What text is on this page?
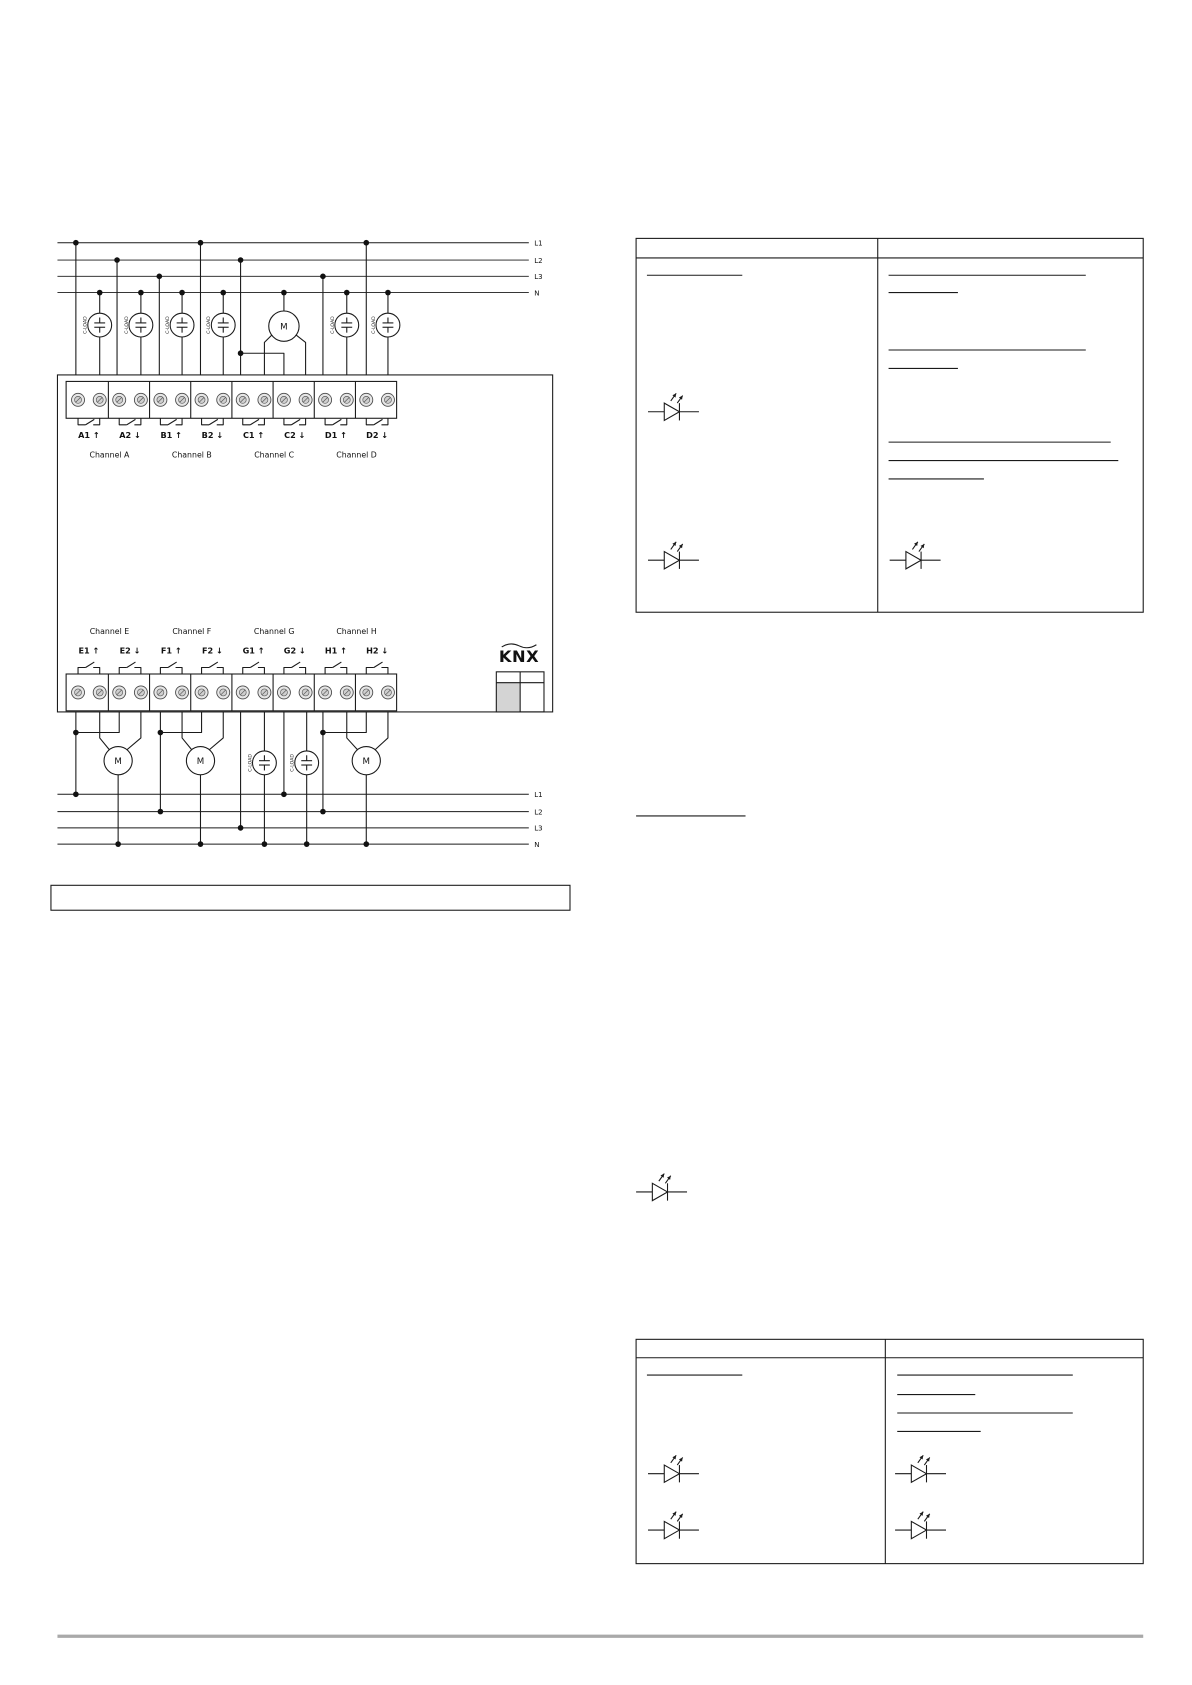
L1
L2
L3
N
L1
L2
L3
N
C-LOAD	C-LOAD	C-LOAD	C-LOAD	C-LOAD	C-LOAD
M
A1 ↑	A2 ↓
Channel A
B1 ↑	B2 ↓
Channel B
C1 ↑	C2 ↓
Channel C
D1 ↑	D2 ↓
Channel D
Channel E
E1 ↑	E2 ↓
Channel F
F1 ↑	F2 ↓
Channel G
G1 ↑	G2 ↓
Channel H
H1 ↑	H2 ↓	KNX
M	M	M
C-LOAD	C-LOAD
